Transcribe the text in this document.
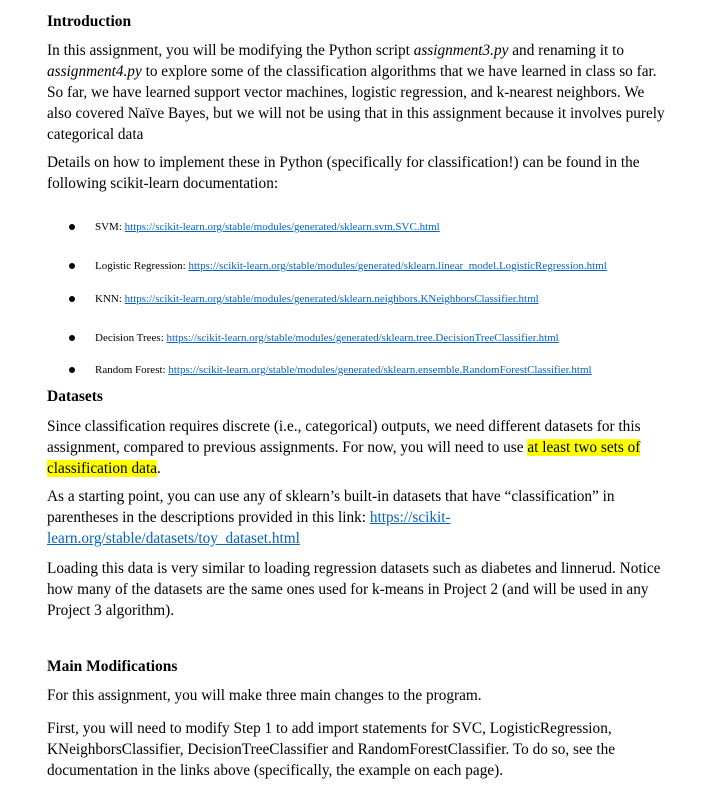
Introduction

In this assignment, you will be modifying the Python script assignment3.py and renaming it to assignment4.py to explore some of the classification algorithms that we have learned in class so far. So far, we have learned support vector machines, logistic regression, and k-nearest neighbors. We also covered Naïve Bayes, but we will not be using that in this assignment because it involves purely categorical data

Details on how to implement these in Python (specifically for classification!) can be found in the following scikit-learn documentation:

SVM: https://scikit-learn.org/stable/modules/generated/sklearn.svm.SVC.html
Logistic Regression: https://scikit-learn.org/stable/modules/generated/sklearn.linear_model.LogisticRegression.html
KNN: https://scikit-learn.org/stable/modules/generated/sklearn.neighbors.KNeighborsClassifier.html
Decision Trees: https://scikit-learn.org/stable/modules/generated/sklearn.tree.DecisionTreeClassifier.html
Random Forest: https://scikit-learn.org/stable/modules/generated/sklearn.ensemble.RandomForestClassifier.html
Datasets

Since classification requires discrete (i.e., categorical) outputs, we need different datasets for this assignment, compared to previous assignments. For now, you will need to use at least two sets of classification data.

As a starting point, you can use any of sklearn’s built-in datasets that have “classification” in parentheses in the descriptions provided in this link: https://scikit-learn.org/stable/datasets/toy_dataset.html

Loading this data is very similar to loading regression datasets such as diabetes and linnerud. Notice how many of the datasets are the same ones used for k-means in Project 2 (and will be used in any Project 3 algorithm).

Main Modifications

For this assignment, you will make three main changes to the program.

First, you will need to modify Step 1 to add import statements for SVC, LogisticRegression, KNeighborsClassifier, DecisionTreeClassifier and RandomForestClassifier. To do so, see the documentation in the links above (specifically, the example on each page).
